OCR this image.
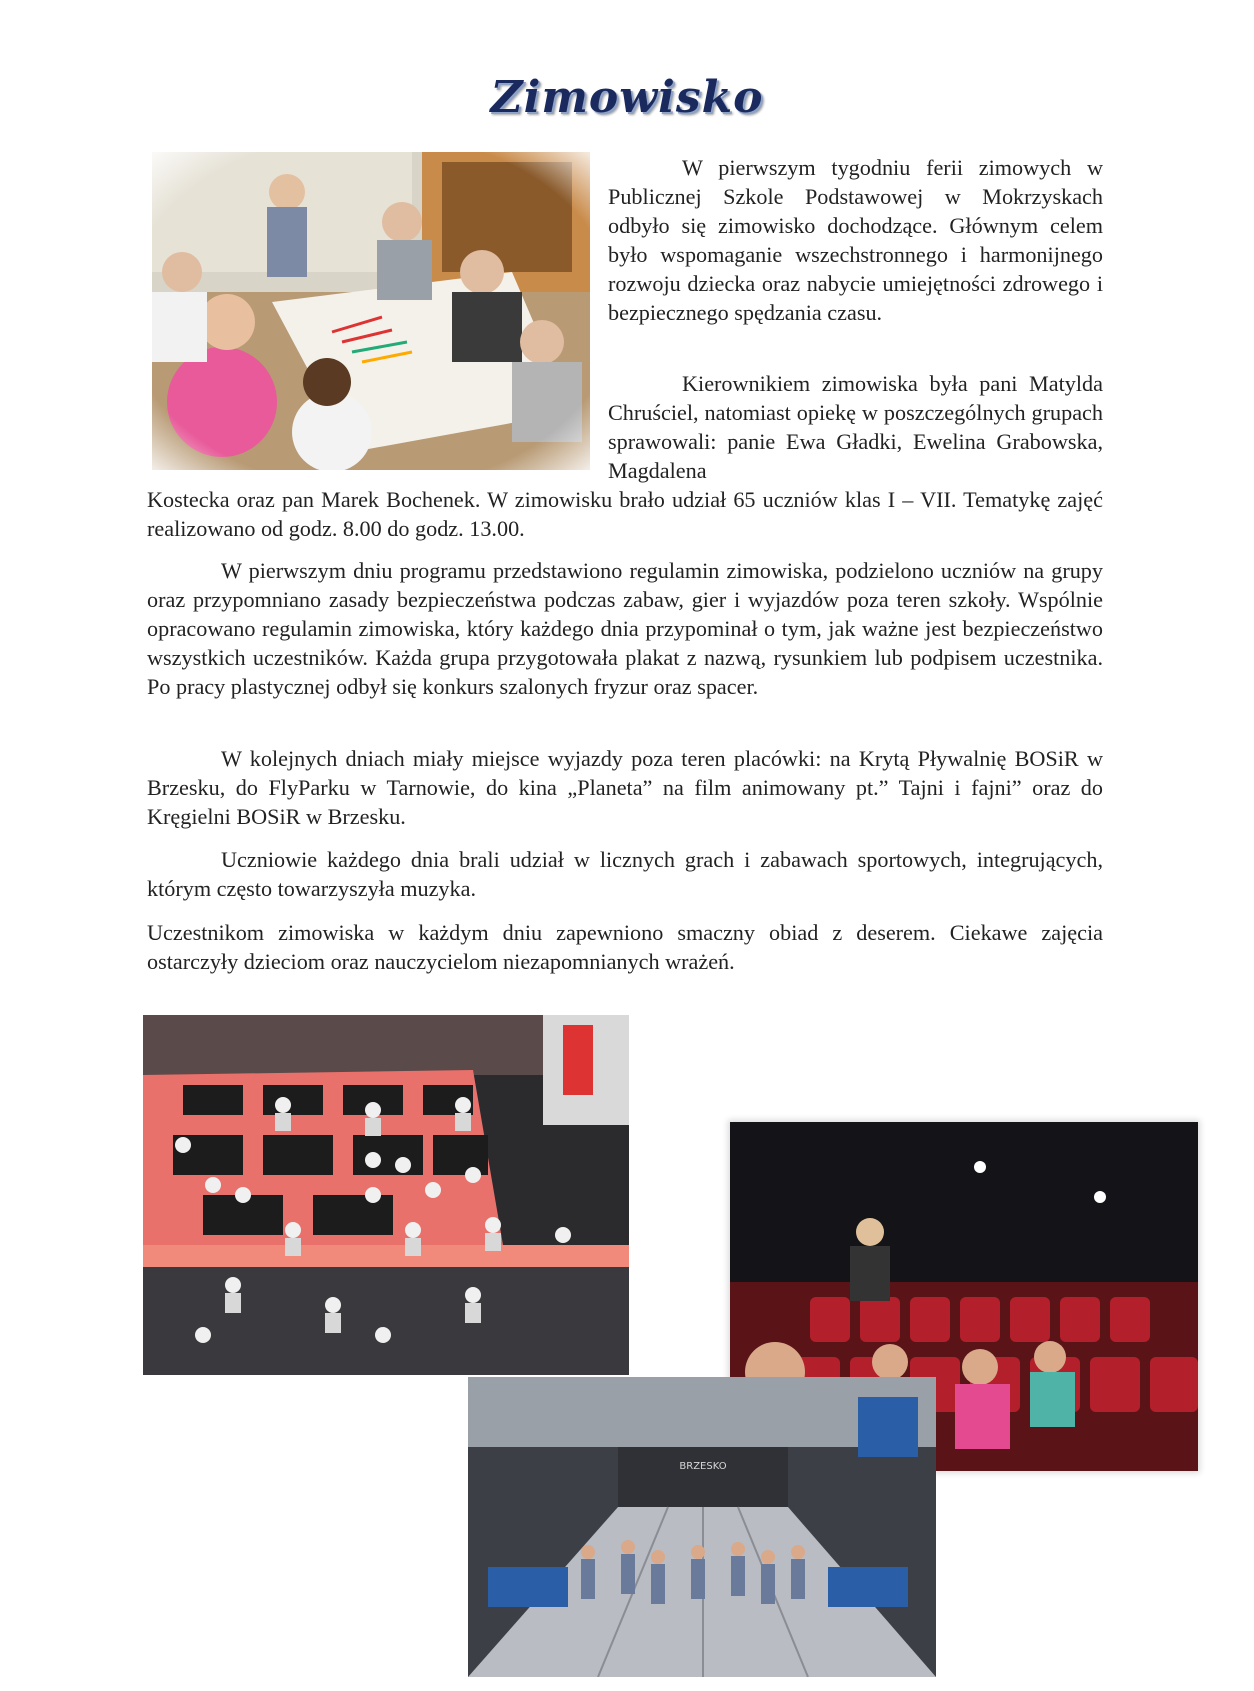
Zimowisko

W pierwszym tygodniu ferii zimowych w Publicznej Szkole Podstawowej w Mokrzyskach odbyło się zimowisko dochodzące. Głównym celem było wspomaganie wszechstronnego i harmonijnego rozwoju dziecka oraz nabycie umiejętności zdrowego i bezpiecznego spędzania czasu.

Kierownikiem zimowiska była pani Matylda Chruściel, natomiast opiekę w poszczególnych grupach sprawowali: panie Ewa Gładki, Ewelina Grabowska, Magdalena

Kostecka oraz pan Marek Bochenek. W zimowisku brało udział 65 uczniów klas I – VII. Tematykę zajęć realizowano od godz. 8.00 do godz. 13.00.

W pierwszym dniu programu przedstawiono regulamin zimowiska, podzielono uczniów na grupy oraz przypomniano zasady bezpieczeństwa podczas zabaw, gier i wyjazdów poza teren szkoły. Wspólnie opracowano regulamin zimowiska, który każdego dnia przypominał o tym, jak ważne jest bezpieczeństwo wszystkich uczestników. Każda grupa przygotowała plakat z nazwą, rysunkiem lub podpisem uczestnika. Po pracy plastycznej odbył się konkurs szalonych fryzur oraz spacer.

W kolejnych dniach miały miejsce wyjazdy poza teren placówki: na Krytą Pływalnię BOSiR w Brzesku, do FlyParku w Tarnowie, do kina „Planeta” na film animowany pt.” Tajni i fajni” oraz do Kręgielni BOSiR w Brzesku.

Uczniowie każdego dnia brali udział w licznych grach i zabawach sportowych, integrujących, którym często towarzyszyła muzyka.

Uczestnikom zimowiska w każdym dniu zapewniono smaczny obiad z deserem. Ciekawe zajęcia ostarczyły dzieciom oraz nauczycielom niezapomnianych wrażeń.

BRZESKO
